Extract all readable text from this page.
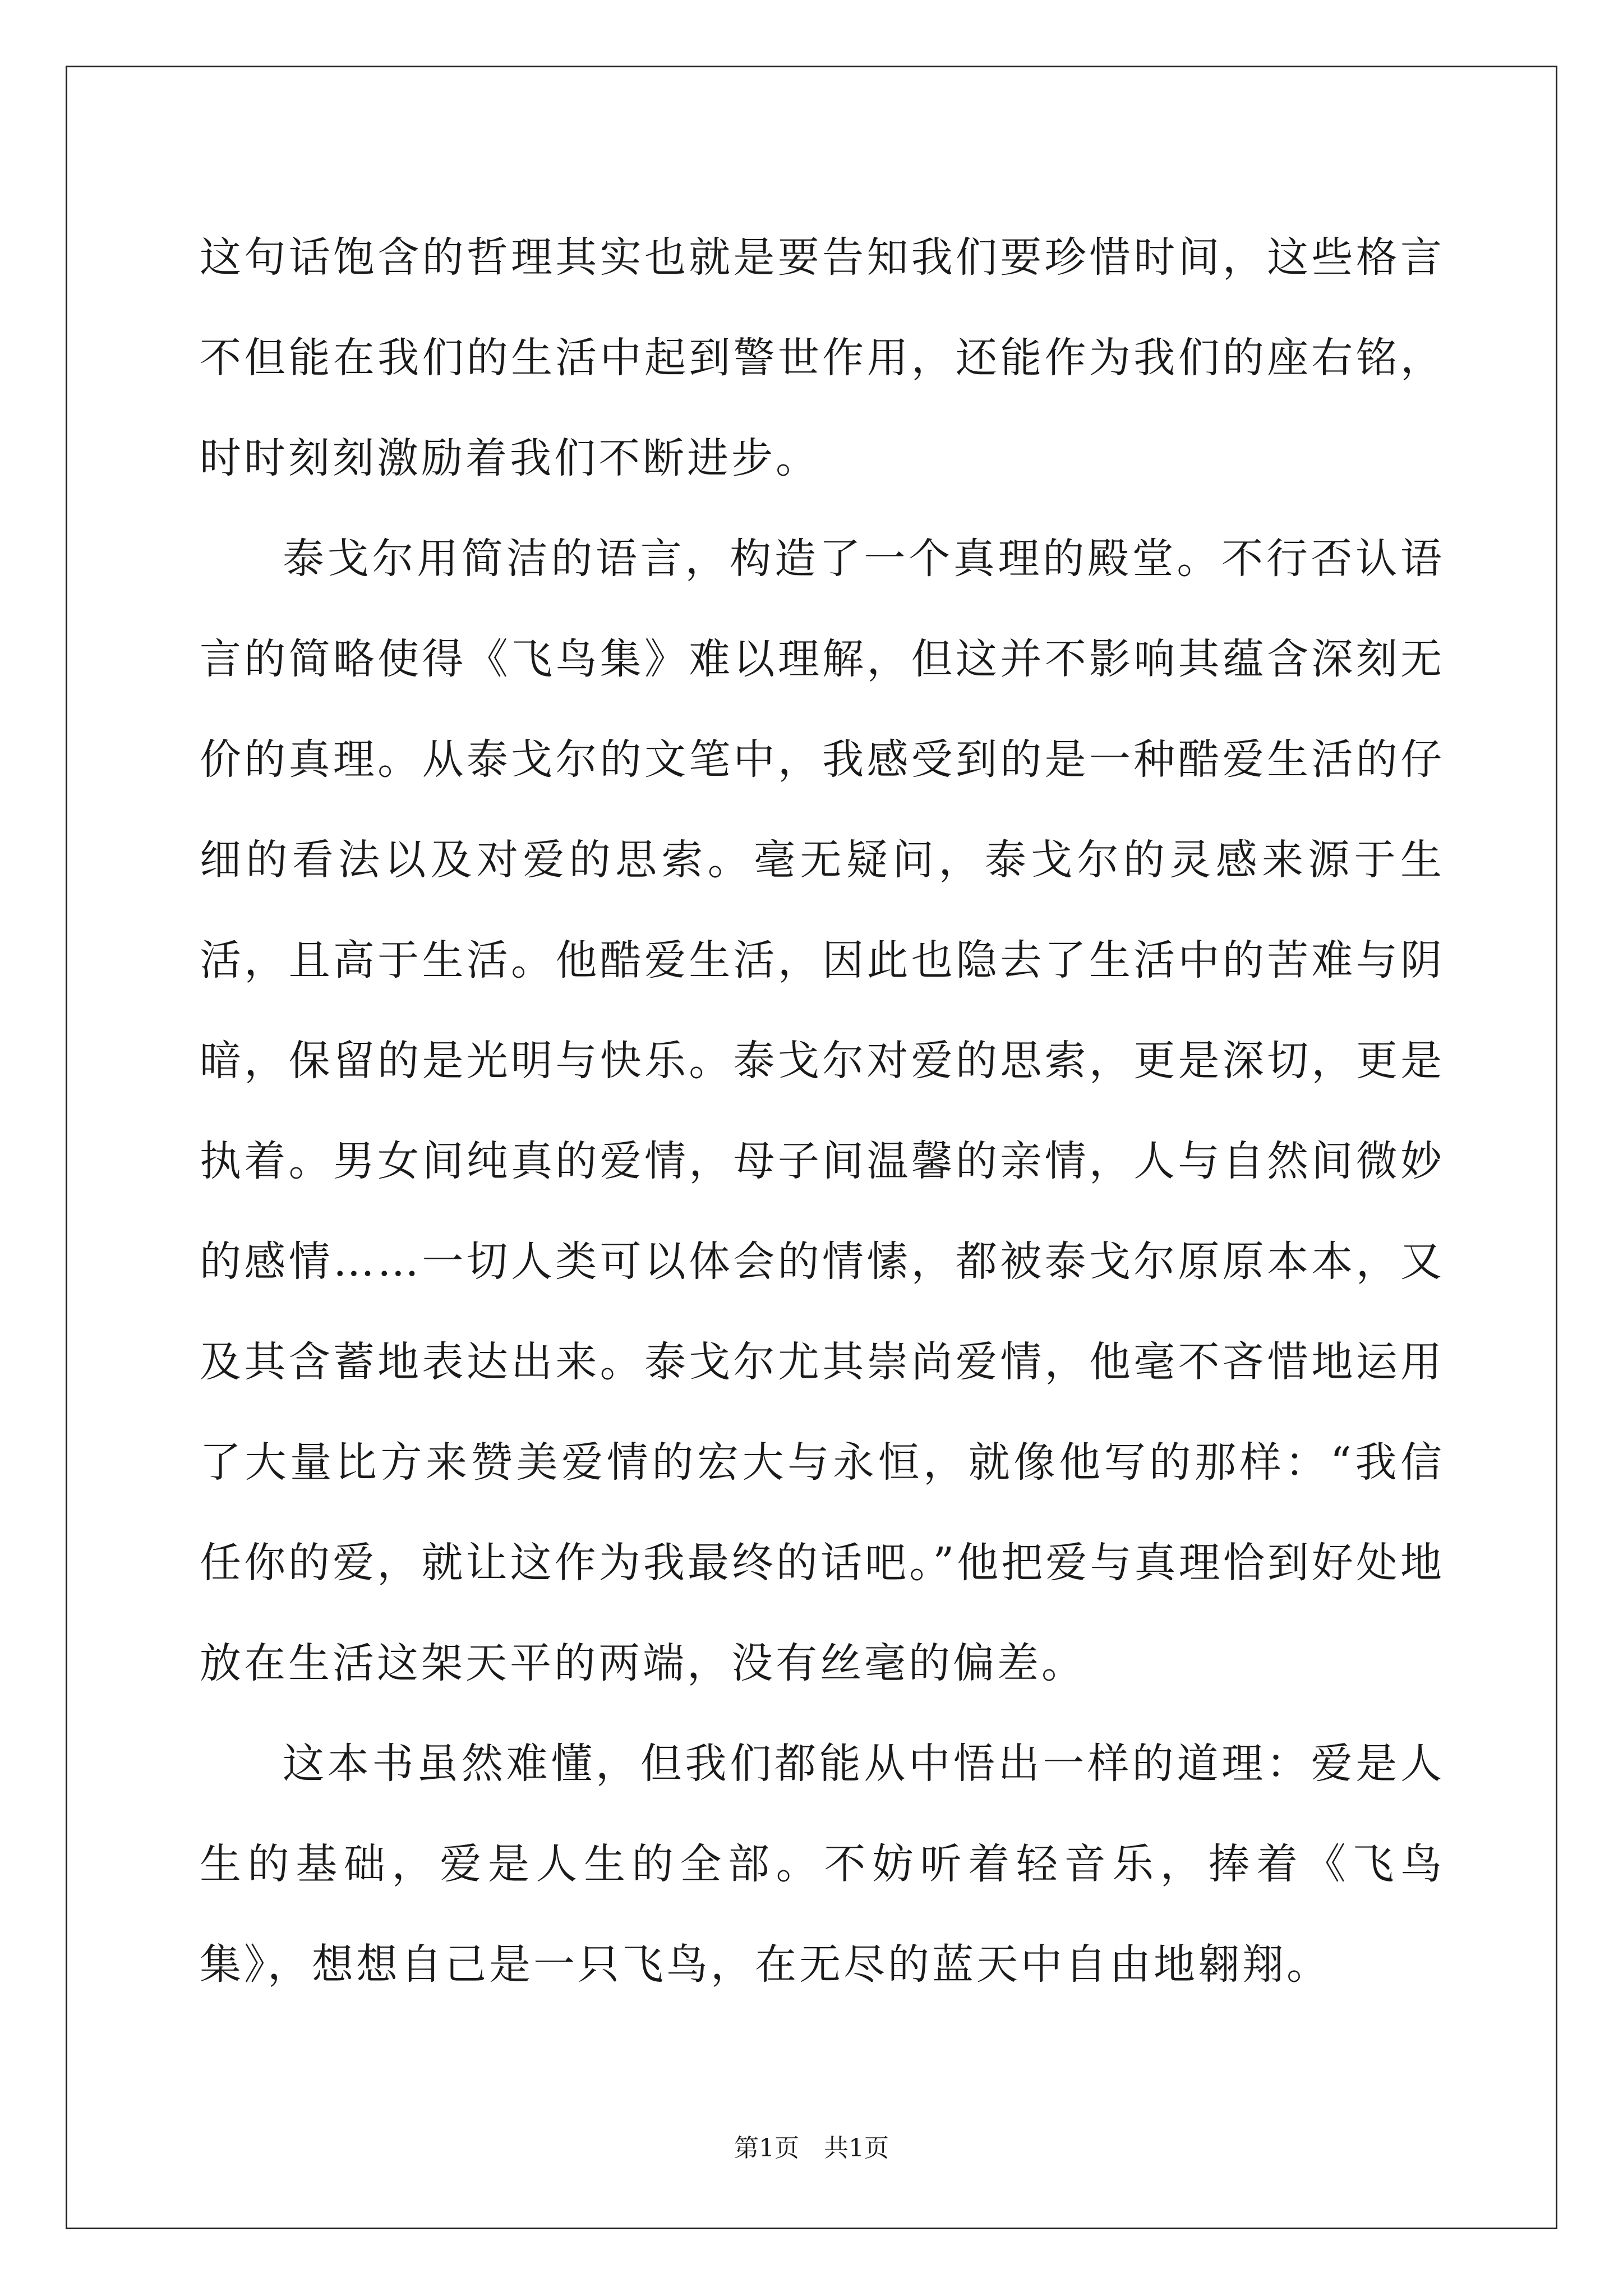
这句话饱含的哲理其实也就是要告知我们要珍惜时间，这些格言不但能在我们的生活中起到警世作用，还能作为我们的座右铭，时时刻刻激励着我们不断进步。

泰戈尔用简洁的语言，构造了一个真理的殿堂。不行否认语言的简略使得《飞鸟集》难以理解，但这并不影响其蕴含深刻无价的真理。从泰戈尔的文笔中，我感受到的是一种酷爱生活的仔细的看法以及对爱的思索。毫无疑问，泰戈尔的灵感来源于生活，且高于生活。他酷爱生活，因此也隐去了生活中的苦难与阴暗，保留的是光明与快乐。泰戈尔对爱的思索，更是深切，更是执着。男女间纯真的爱情，母子间温馨的亲情，人与自然间微妙的感情……一切人类可以体会的情愫，都被泰戈尔原原本本，又及其含蓄地表达出来。泰戈尔尤其崇尚爱情，他毫不吝惜地运用了大量比方来赞美爱情的宏大与永恒，就像他写的那样：“我信任你的爱，就让这作为我最终的话吧。”他把爱与真理恰到好处地放在生活这架天平的两端，没有丝毫的偏差。

这本书虽然难懂，但我们都能从中悟出一样的道理：爱是人生的基础，爱是人生的全部。不妨听着轻音乐，捧着《飞鸟集》，想想自己是一只飞鸟，在无尽的蓝天中自由地翱翔。

第1页 共1页
